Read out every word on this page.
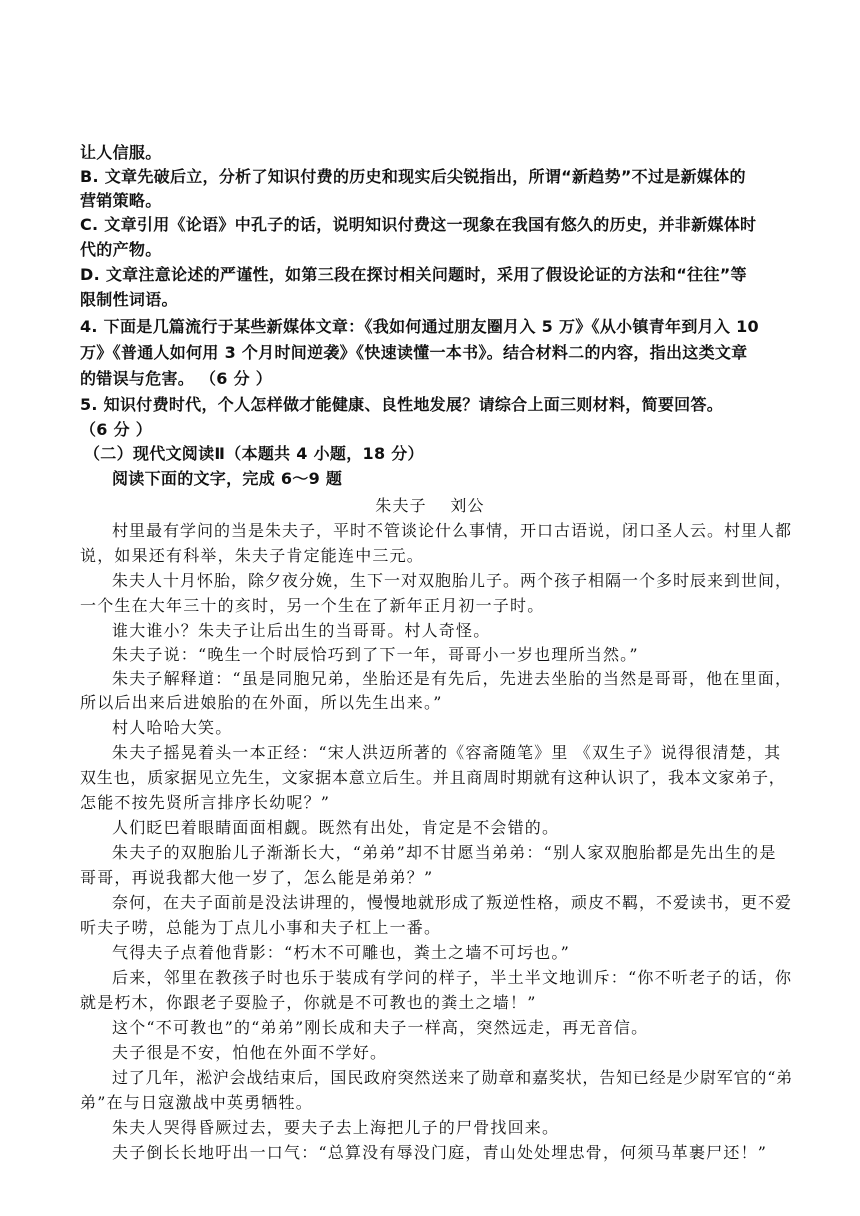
让人信服。
B. 文章先破后立，分析了知识付费的历史和现实后尖锐指出，所谓“新趋势”不过是新媒体的
营销策略。
C. 文章引用《论语》中孔子的话，说明知识付费这一现象在我国有悠久的历史，并非新媒体时
代的产物。
D. 文章注意论述的严谨性，如第三段在探讨相关问题时，采用了假设论证的方法和“往往”等
限制性词语。
4. 下面是几篇流行于某些新媒体文章：《我如何通过朋友圈月入 5 万》《从小镇青年到月入 10
万》《普通人如何用 3 个月时间逆袭》《快速读懂一本书》。结合材料二的内容，指出这类文章
的错误与危害。 （6 分 ）
5. 知识付费时代，个人怎样做才能健康、良性地发展？请综合上面三则材料，简要回答。
（6 分 ）
（二）现代文阅读Ⅱ（本题共 4 小题，18 分）
阅读下面的文字，完成 6～9 题
朱夫子　 刘公
村里最有学问的当是朱夫子，平时不管谈论什么事情，开口古语说，闭口圣人云。村里人都
说，如果还有科举，朱夫子肯定能连中三元。
朱夫人十月怀胎，除夕夜分娩，生下一对双胞胎儿子。两个孩子相隔一个多时辰来到世间，
一个生在大年三十的亥时，另一个生在了新年正月初一子时。
谁大谁小？朱夫子让后出生的当哥哥。村人奇怪。
朱夫子说：“晚生一个时辰恰巧到了下一年，哥哥小一岁也理所当然。”
朱夫子解释道：“虽是同胞兄弟，坐胎还是有先后，先进去坐胎的当然是哥哥，他在里面，
所以后出来后进娘胎的在外面，所以先生出来。”
村人哈哈大笑。
朱夫子摇晃着头一本正经：“宋人洪迈所著的《容斋随笔》里 《双生子》说得很清楚，其
双生也，质家据见立先生，文家据本意立后生。并且商周时期就有这种认识了，我本文家弟子，
怎能不按先贤所言排序长幼呢？”
人们眨巴着眼睛面面相觑。既然有出处，肯定是不会错的。
朱夫子的双胞胎儿子渐渐长大，“弟弟”却不甘愿当弟弟：“别人家双胞胎都是先出生的是
哥哥，再说我都大他一岁了，怎么能是弟弟？”
奈何，在夫子面前是没法讲理的，慢慢地就形成了叛逆性格，顽皮不羁，不爱读书，更不爱
听夫子唠，总能为丁点儿小事和夫子杠上一番。
气得夫子点着他背影：“朽木不可雕也，粪土之墙不可圬也。”
后来，邻里在教孩子时也乐于装成有学问的样子，半土半文地训斥：“你不听老子的话，你
就是朽木，你跟老子耍脸子，你就是不可教也的粪土之墙！”
这个“不可教也”的“弟弟”刚长成和夫子一样高，突然远走，再无音信。
夫子很是不安，怕他在外面不学好。
过了几年，淞沪会战结束后，国民政府突然送来了勋章和嘉奖状，告知已经是少尉军官的“弟
弟”在与日寇激战中英勇牺牲。
朱夫人哭得昏厥过去，要夫子去上海把儿子的尸骨找回来。
夫子倒长长地吁出一口气：“总算没有辱没门庭，青山处处埋忠骨，何须马革裹尸还！”
